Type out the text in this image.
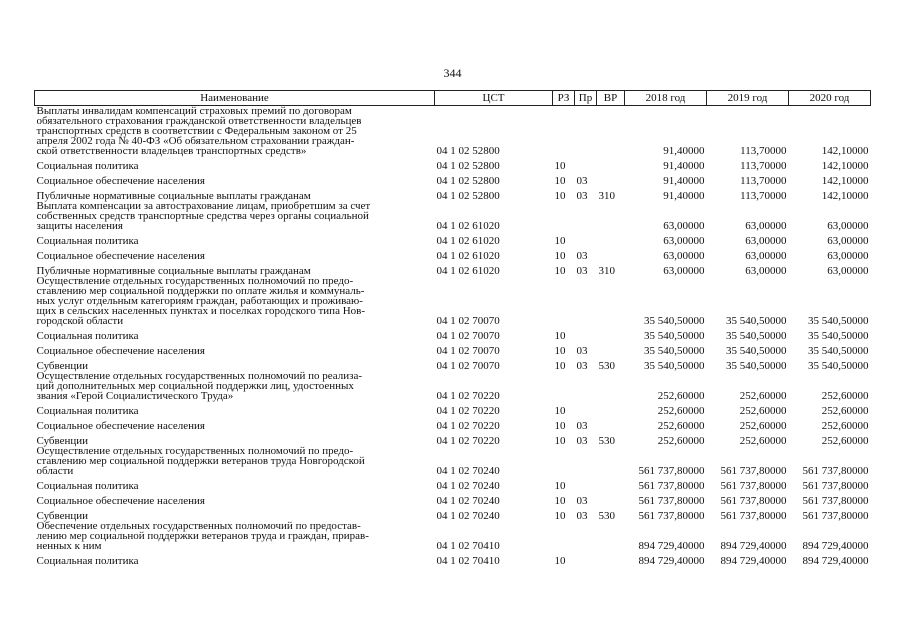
344
Наименование	ЦСТ	РЗ	Пр	ВР	2018 год	2019 год	2020 год

Выплаты инвалидам компенсаций страховых премий по договорам
обязательного страхования гражданской ответственности владельцев
транспортных средств в соответствии с Федеральным законом от 25
апреля 2002 года № 40-ФЗ «Об обязательном страховании граждан-
ской ответственности владельцев транспортных средств»	04 1 02 52800				91,40000	113,70000	142,10000

Социальная политика	04 1 02 52800	10			91,40000	113,70000	142,10000

Социальное обеспечение населения	04 1 02 52800	10	03		91,40000	113,70000	142,10000

Публичные нормативные социальные выплаты гражданам	04 1 02 52800	10	03	310	91,40000	113,70000	142,10000

Выплата компенсации за автострахование лицам, приобретшим за счет
собственных средств транспортные средства через органы социальной
защиты населения	04 1 02 61020				63,00000	63,00000	63,00000

Социальная политика	04 1 02 61020	10			63,00000	63,00000	63,00000

Социальное обеспечение населения	04 1 02 61020	10	03		63,00000	63,00000	63,00000

Публичные нормативные социальные выплаты гражданам	04 1 02 61020	10	03	310	63,00000	63,00000	63,00000

Осуществление отдельных государственных полномочий по предо-
ставлению мер социальной поддержки по оплате жилья и коммуналь-
ных услуг отдельным категориям граждан, работающих и проживаю-
щих в сельских населенных пунктах и поселках городского типа Нов-
городской области	04 1 02 70070				35 540,50000	35 540,50000	35 540,50000

Социальная политика	04 1 02 70070	10			35 540,50000	35 540,50000	35 540,50000

Социальное обеспечение населения	04 1 02 70070	10	03		35 540,50000	35 540,50000	35 540,50000

Субвенции	04 1 02 70070	10	03	530	35 540,50000	35 540,50000	35 540,50000

Осуществление отдельных государственных полномочий по реализа-
ций дополнительных мер социальной поддержки лиц, удостоенных
звания «Герой Социалистического Труда»	04 1 02 70220				252,60000	252,60000	252,60000

Социальная политика	04 1 02 70220	10			252,60000	252,60000	252,60000

Социальное обеспечение населения	04 1 02 70220	10	03		252,60000	252,60000	252,60000

Субвенции	04 1 02 70220	10	03	530	252,60000	252,60000	252,60000

Осуществление отдельных государственных полномочий по предо-
ставлению мер социальной поддержки ветеранов труда Новгородской
области	04 1 02 70240				561 737,80000	561 737,80000	561 737,80000

Социальная политика	04 1 02 70240	10			561 737,80000	561 737,80000	561 737,80000

Социальное обеспечение населения	04 1 02 70240	10	03		561 737,80000	561 737,80000	561 737,80000

Субвенции	04 1 02 70240	10	03	530	561 737,80000	561 737,80000	561 737,80000

Обеспечение отдельных государственных полномочий по предостав-
лению мер социальной поддержки ветеранов труда и граждан, прирав-
ненных к ним	04 1 02 70410				894 729,40000	894 729,40000	894 729,40000

Социальная политика	04 1 02 70410	10			894 729,40000	894 729,40000	894 729,40000
